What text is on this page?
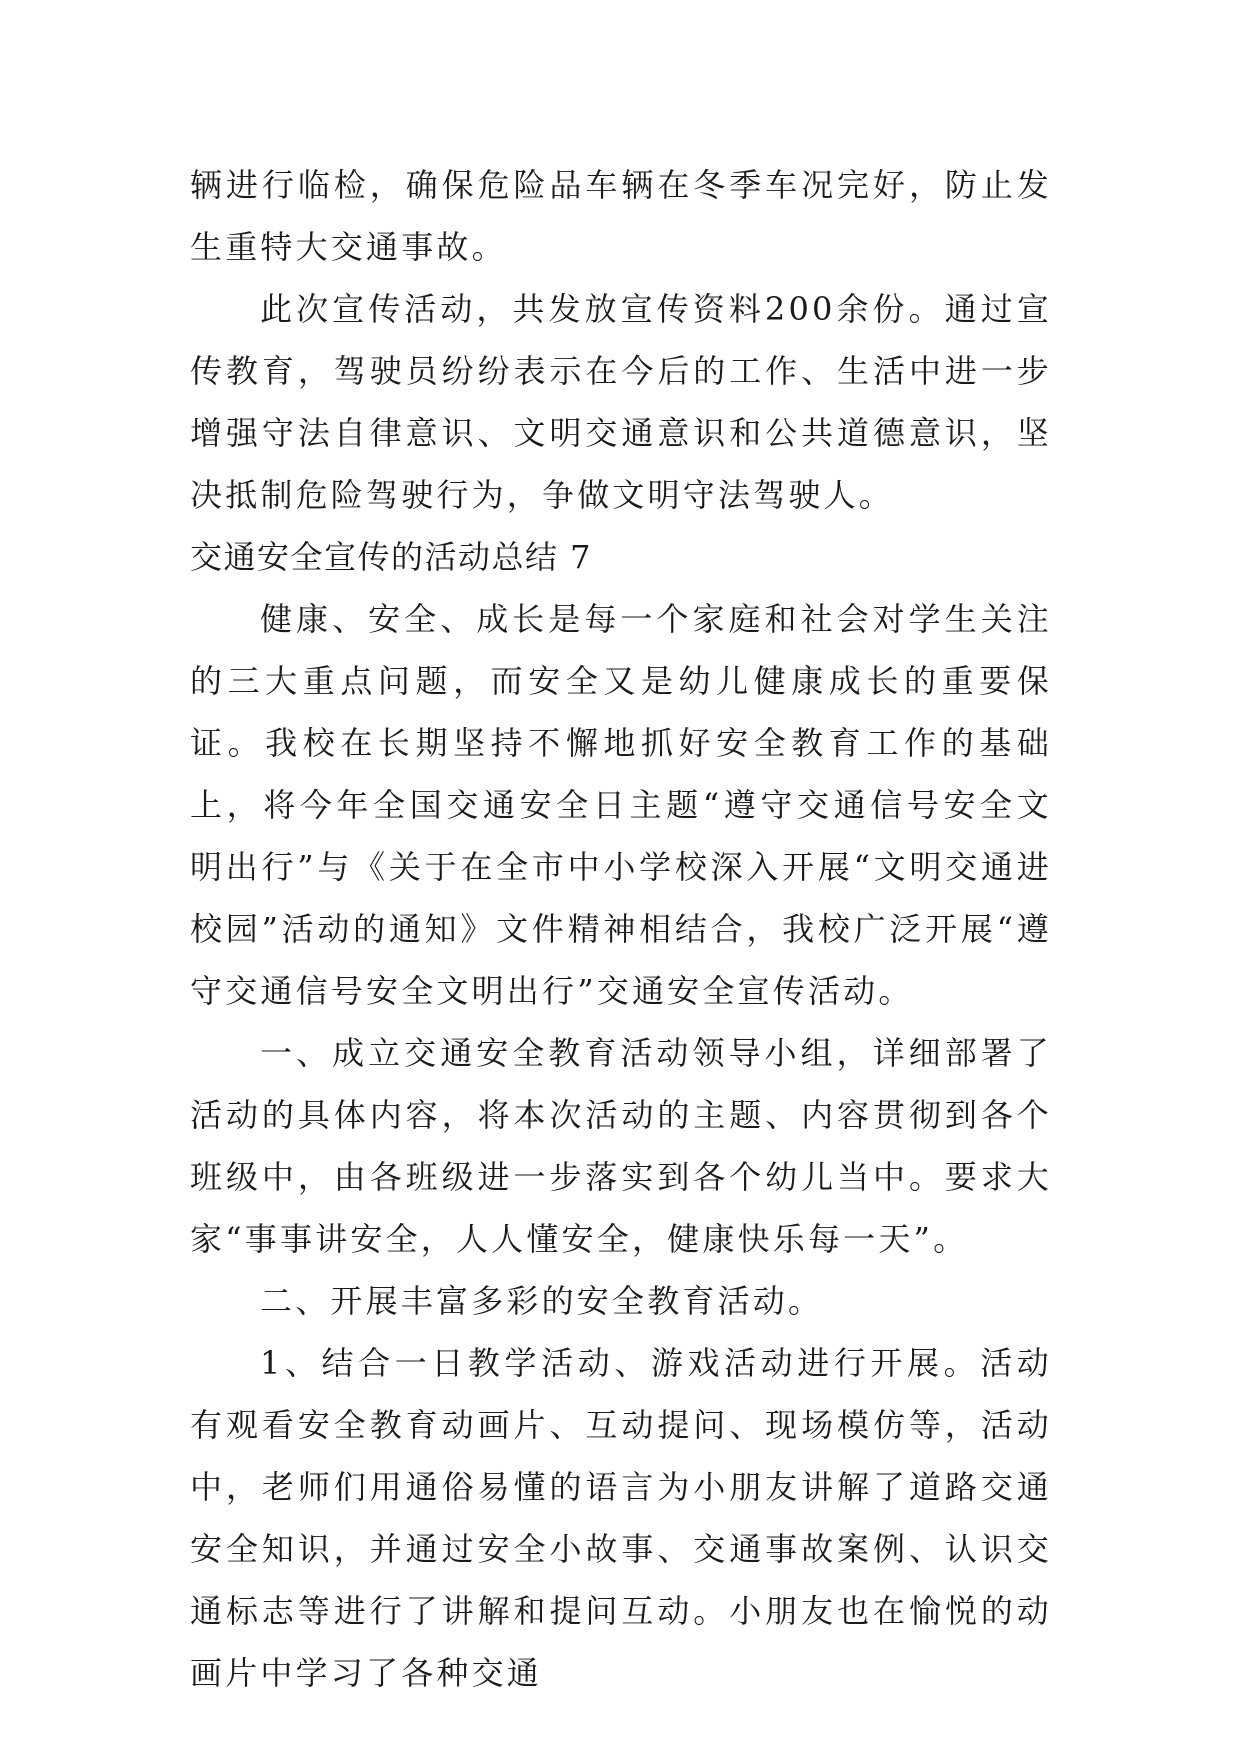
辆进行临检，确保危险品车辆在冬季车况完好，防止发生重特大交通事故。

此次宣传活动，共发放宣传资料200余份。通过宣传教育，驾驶员纷纷表示在今后的工作、生活中进一步增强守法自律意识、文明交通意识和公共道德意识，坚决抵制危险驾驶行为，争做文明守法驾驶人。

交通安全宣传的活动总结 7

健康、安全、成长是每一个家庭和社会对学生关注的三大重点问题，而安全又是幼儿健康成长的重要保证。我校在长期坚持不懈地抓好安全教育工作的基础上，将今年全国交通安全日主题“遵守交通信号安全文明出行”与《关于在全市中小学校深入开展“文明交通进校园”活动的通知》文件精神相结合，我校广泛开展“遵守交通信号安全文明出行”交通安全宣传活动。

一、成立交通安全教育活动领导小组，详细部署了活动的具体内容，将本次活动的主题、内容贯彻到各个班级中，由各班级进一步落实到各个幼儿当中。要求大家“事事讲安全，人人懂安全，健康快乐每一天”。

二、开展丰富多彩的安全教育活动。

1、结合一日教学活动、游戏活动进行开展。活动有观看安全教育动画片、互动提问、现场模仿等，活动中，老师们用通俗易懂的语言为小朋友讲解了道路交通安全知识，并通过安全小故事、交通事故案例、认识交通标志等进行了讲解和提问互动。小朋友也在愉悦的动画片中学习了各种交通
